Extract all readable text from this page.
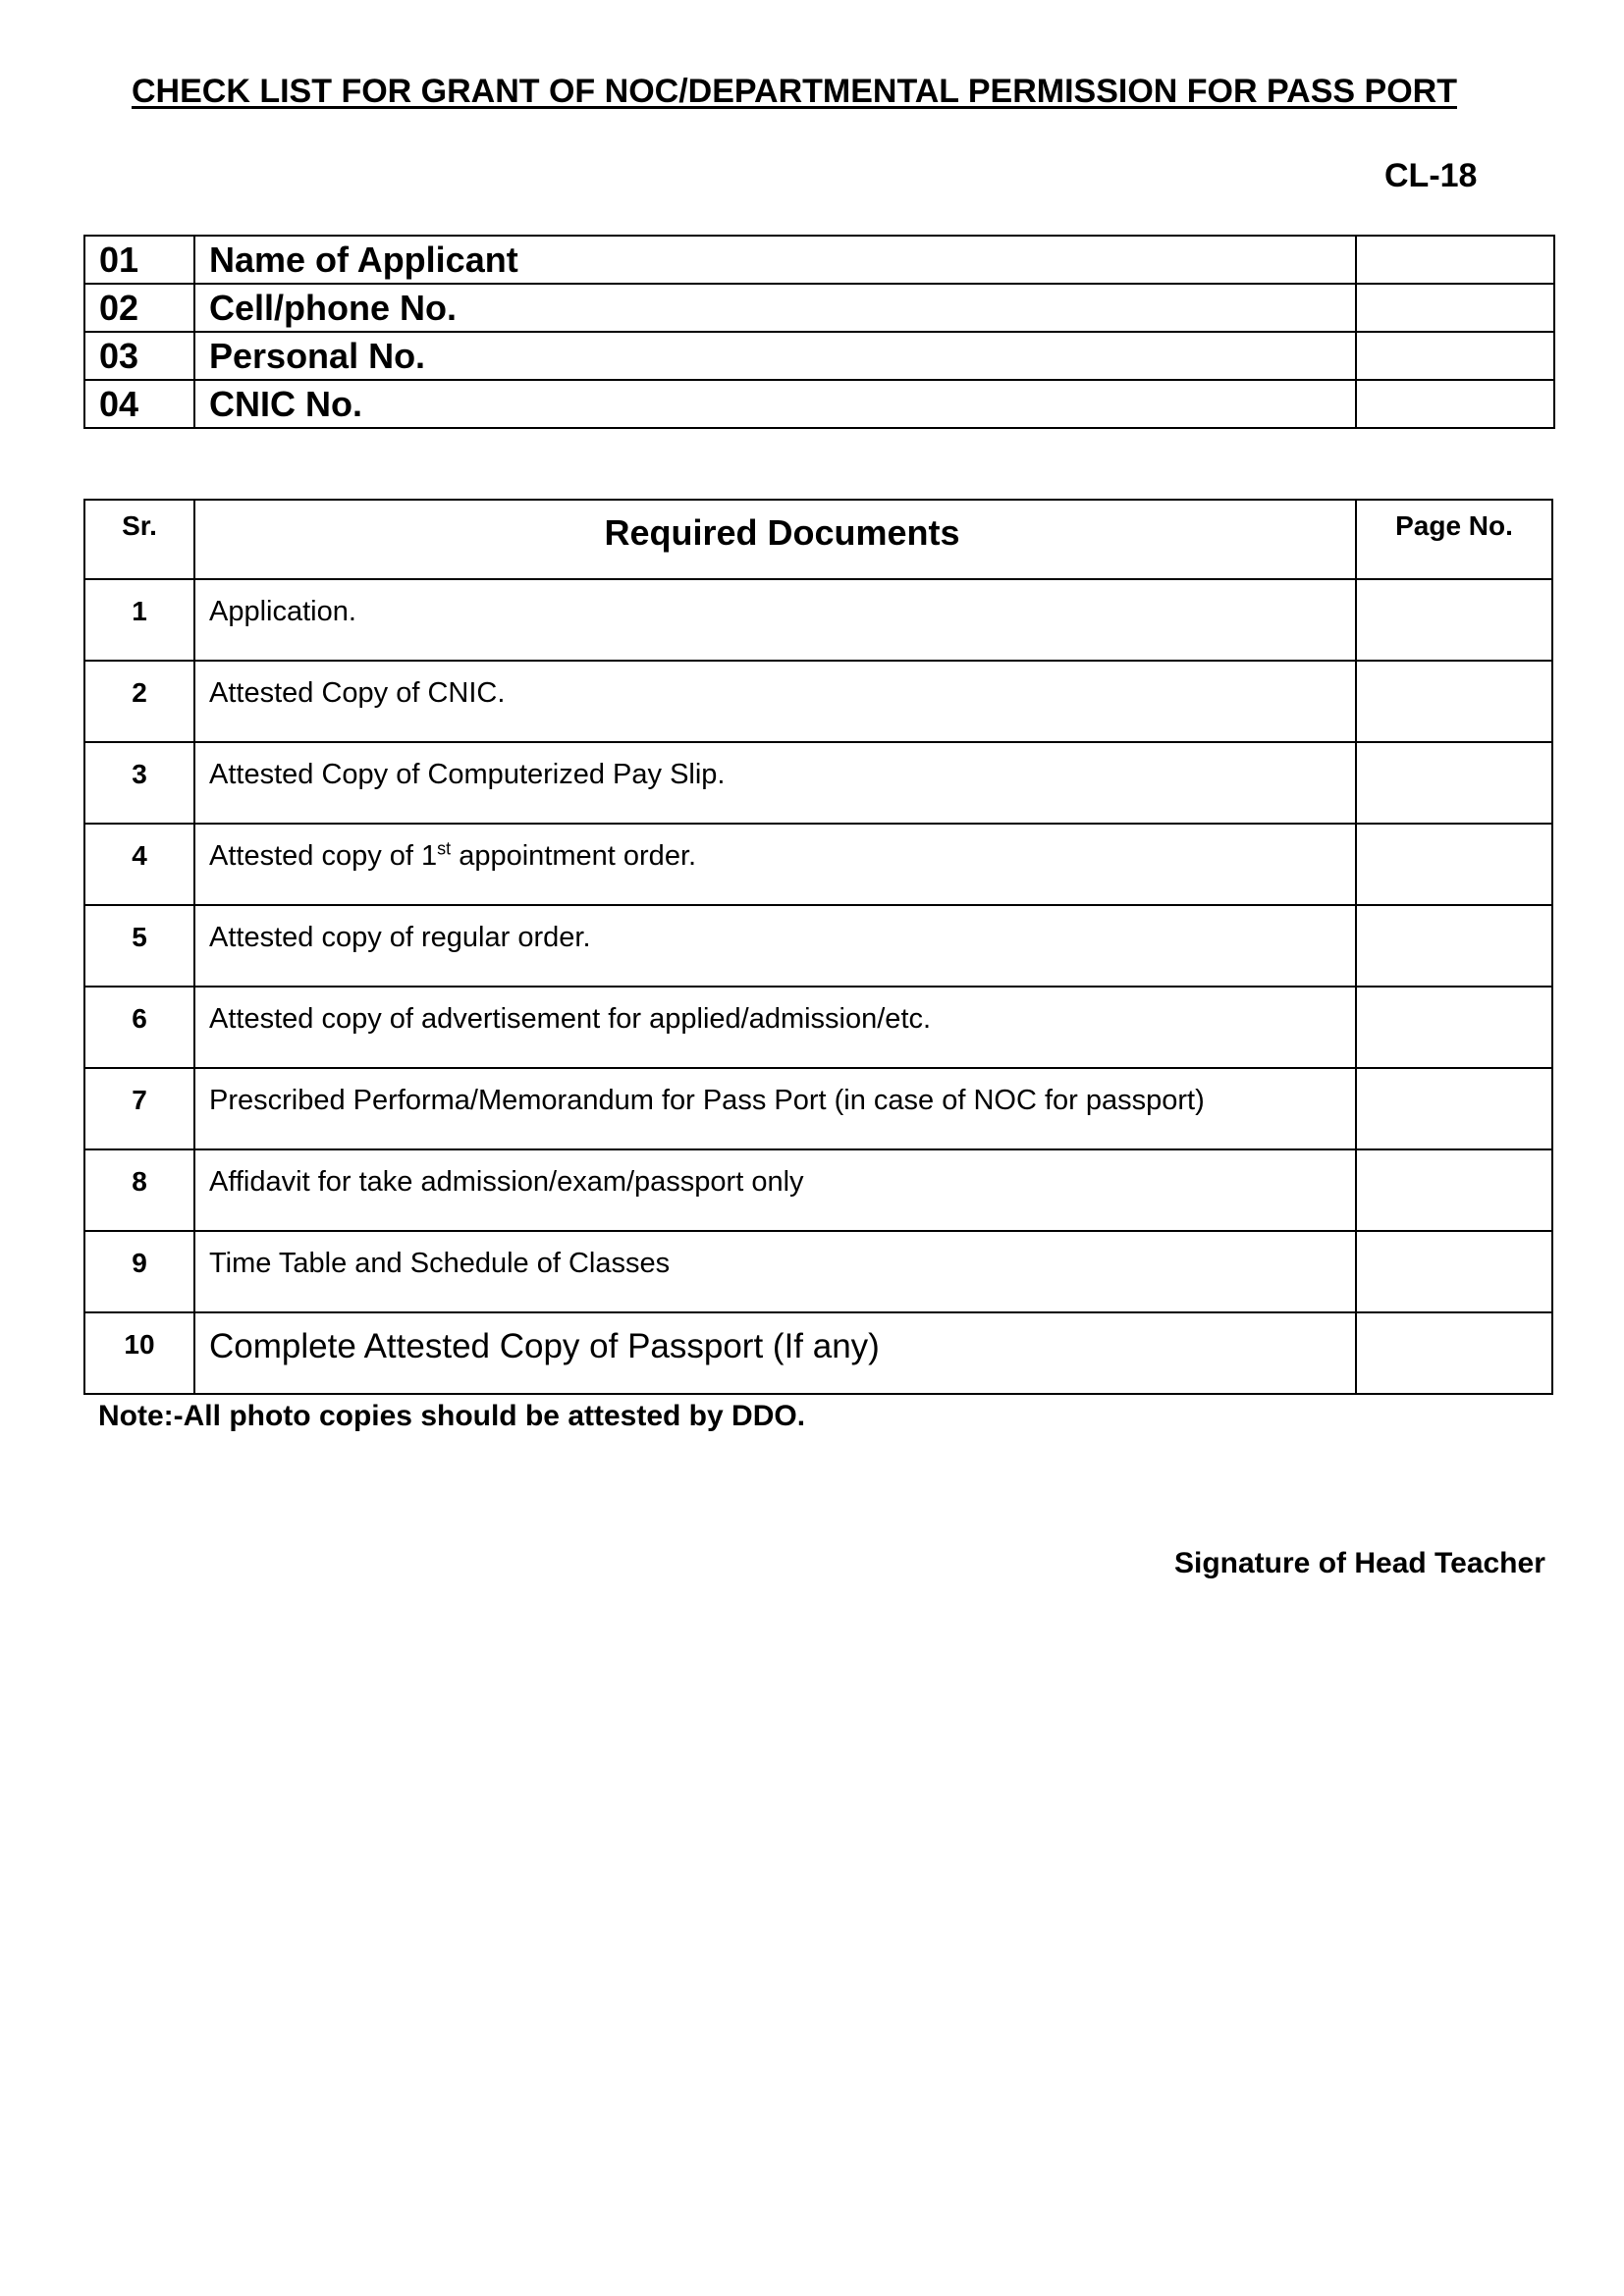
CHECK LIST FOR GRANT OF NOC/DEPARTMENTAL PERMISSION FOR PASS PORT
CL-18
01	Name of Applicant	
02	Cell/phone No.	
03	Personal No.	
04	CNIC No.	
Sr.	Required Documents	Page No.
1	Application.	
2	Attested Copy of CNIC.	
3	Attested Copy of Computerized Pay Slip.	
4	Attested copy of 1st appointment order.	
5	Attested copy of regular order.	
6	Attested copy of advertisement for applied/admission/etc.	
7	Prescribed Performa/Memorandum for Pass Port (in case of NOC for passport)	
8	Affidavit for take admission/exam/passport only	
9	Time Table and Schedule of Classes	
10	Complete Attested Copy of Passport (If any)	
Note:-All photo copies should be attested by DDO.
Signature of Head Teacher
